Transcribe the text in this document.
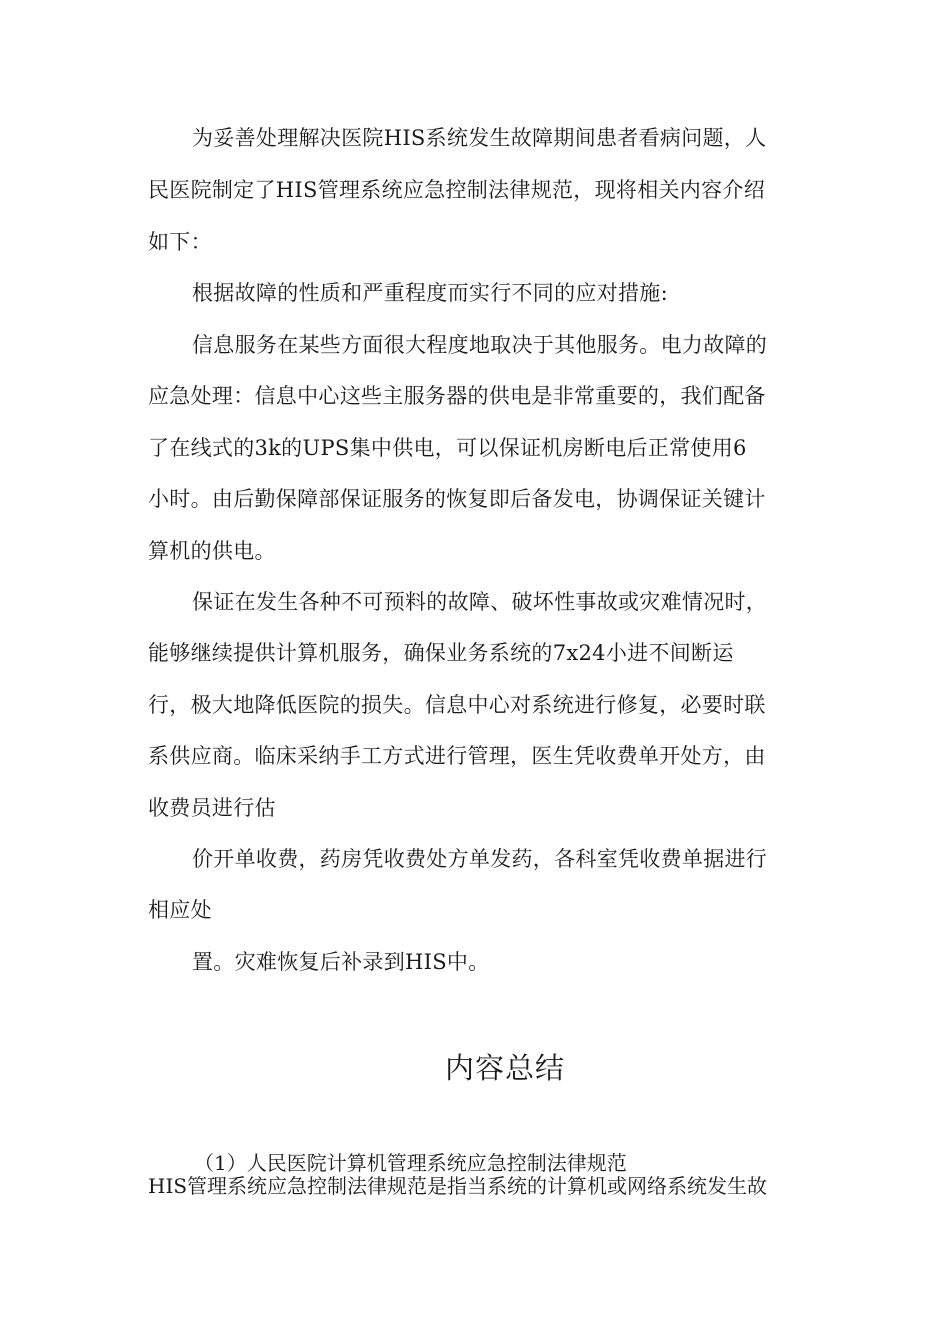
为妥善处理解决医院HIS系统发生故障期间患者看病问题，人
民医院制定了HIS管理系统应急控制法律规范，现将相关内容介绍
如下：
根据故障的性质和严重程度而实行不同的应对措施:
信息服务在某些方面很大程度地取决于其他服务。电力故障的
应急处理：信息中心这些主服务器的供电是非常重要的，我们配备
了在线式的3k的UPS集中供电，可以保证机房断电后正常使用6
小时。由后勤保障部保证服务的恢复即后备发电，协调保证关键计
算机的供电。
保证在发生各种不可预料的故障、破坏性事故或灾难情况时，
能够继续提供计算机服务，确保业务系统的7x24小进不间断运
行，极大地降低医院的损失。信息中心对系统进行修复，必要时联
系供应商。临床采纳手工方式进行管理，医生凭收费单开处方，由
收费员进行估
价开单收费，药房凭收费处方单发药，各科室凭收费单据进行
相应处
置。灾难恢复后补录到HIS中。
内容总结
（1）人民医院计算机管理系统应急控制法律规范
HIS管理系统应急控制法律规范是指当系统的计算机或网络系统发生故
